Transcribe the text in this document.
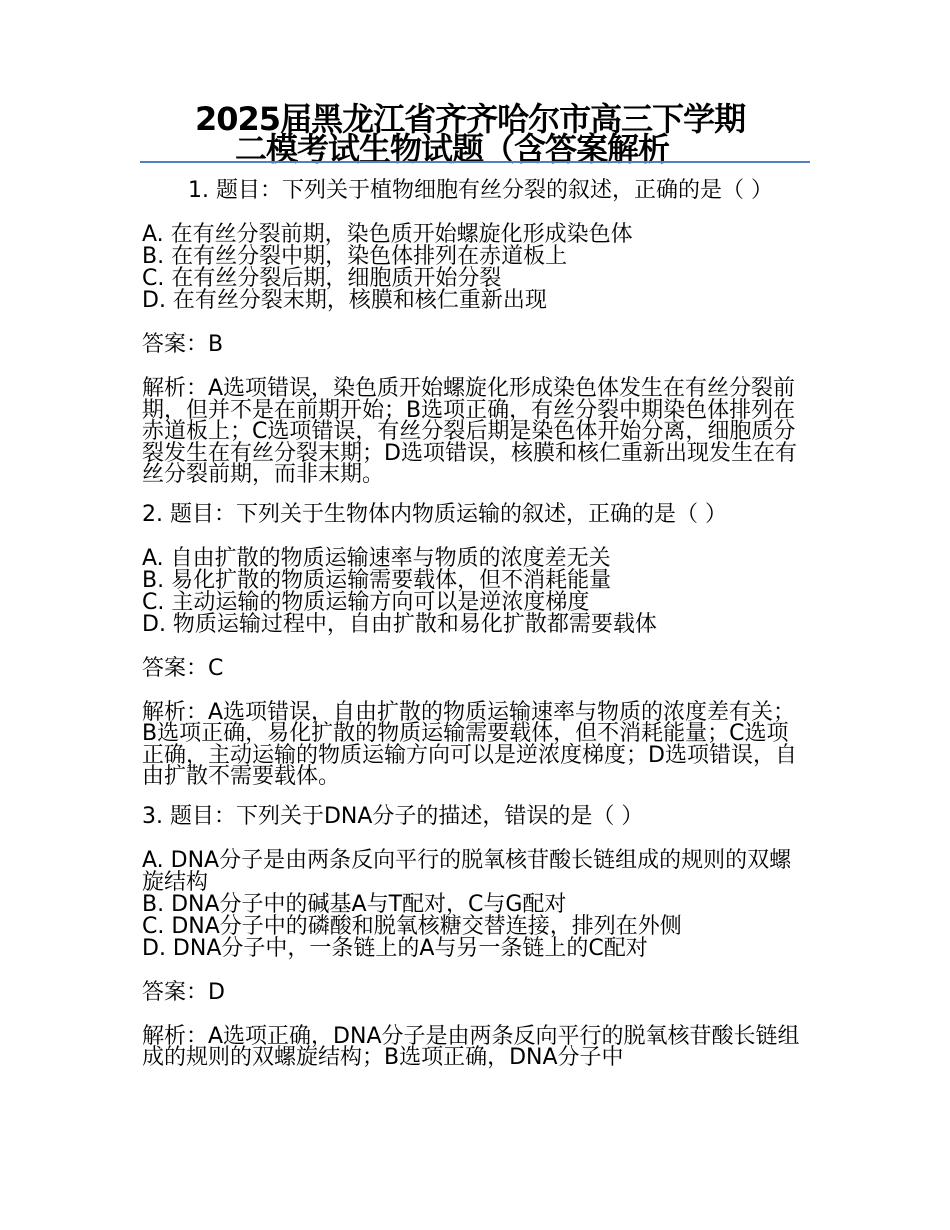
2025届黑龙江省齐齐哈尔市高三下学期
二模考试生物试题（含答案解析

1. 题目：下列关于植物细胞有丝分裂的叙述，正确的是（ ）

A. 在有丝分裂前期，染色质开始螺旋化形成染色体
B. 在有丝分裂中期，染色体排列在赤道板上
C. 在有丝分裂后期，细胞质开始分裂
D. 在有丝分裂末期，核膜和核仁重新出现

答案：B

解析：A选项错误，染色质开始螺旋化形成染色体发生在有丝分裂前期，但并不是在前期开始；B选项正确，有丝分裂中期染色体排列在赤道板上；C选项错误，有丝分裂后期是染色体开始分离，细胞质分裂发生在有丝分裂末期；D选项错误，核膜和核仁重新出现发生在有丝分裂前期，而非末期。

2. 题目：下列关于生物体内物质运输的叙述，正确的是（ ）

A. 自由扩散的物质运输速率与物质的浓度差无关
B. 易化扩散的物质运输需要载体，但不消耗能量
C. 主动运输的物质运输方向可以是逆浓度梯度
D. 物质运输过程中，自由扩散和易化扩散都需要载体

答案：C

解析：A选项错误，自由扩散的物质运输速率与物质的浓度差有关；B选项正确，易化扩散的物质运输需要载体，但不消耗能量；C选项正确，主动运输的物质运输方向可以是逆浓度梯度；D选项错误，自由扩散不需要载体。

3. 题目：下列关于DNA分子的描述，错误的是（ ）

A. DNA分子是由两条反向平行的脱氧核苷酸长链组成的规则的双螺旋结构

B. DNA分子中的碱基A与T配对，C与G配对
C. DNA分子中的磷酸和脱氧核糖交替连接，排列在外侧
D. DNA分子中，一条链上的A与另一条链上的C配对

答案：D

解析：A选项正确，DNA分子是由两条反向平行的脱氧核苷酸长链组成的规则的双螺旋结构；B选项正确，DNA分子中
